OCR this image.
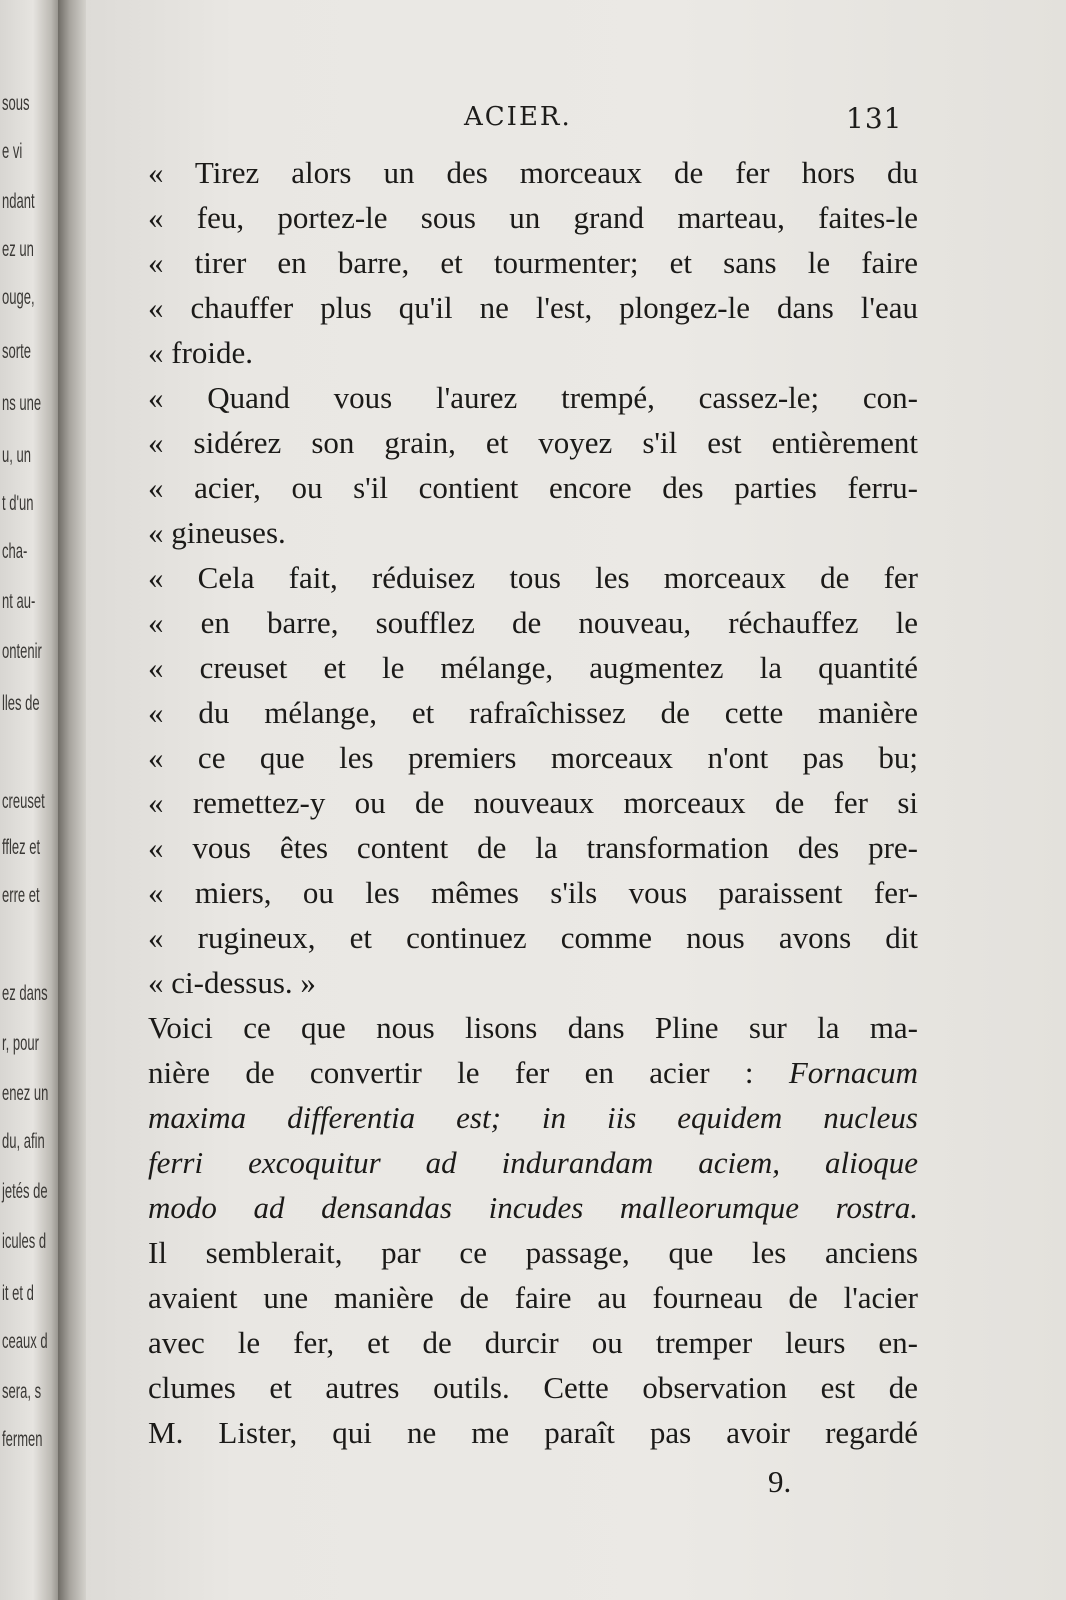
sous
e vi
ndant
ez un
ouge,
sorte
ns une
u, un
t d'un
cha-
nt au-
ontenir
lles de
creuset
fflez et
erre et
ez dans
r, pour
enez un
du, afin
jetés de
icules d
it et d
ceaux d
sera, s
fermen
ACIER.	131
« Tirez alors un des morceaux de fer hors du
« feu, portez-le sous un grand marteau, faites-le
« tirer en barre, et tourmenter; et sans le faire
« chauffer plus qu'il ne l'est, plongez-le dans l'eau
« froide.
« Quand vous l'aurez trempé, cassez-le; con-
« sidérez son grain, et voyez s'il est entièrement
« acier, ou s'il contient encore des parties ferru-
« gineuses.
« Cela fait, réduisez tous les morceaux de fer
« en barre, soufflez de nouveau, réchauffez le
« creuset et le mélange, augmentez la quantité
« du mélange, et rafraîchissez de cette manière
« ce que les premiers morceaux n'ont pas bu;
« remettez-y ou de nouveaux morceaux de fer si
« vous êtes content de la transformation des pre-
« miers, ou les mêmes s'ils vous paraissent fer-
« rugineux, et continuez comme nous avons dit
« ci-dessus. »
Voici ce que nous lisons dans Pline sur la ma-
nière de convertir le fer en acier : Fornacum
maxima differentia est; in iis equidem nucleus
ferri excoquitur ad indurandam aciem, alioque
modo ad densandas incudes malleorumque rostra.
Il semblerait, par ce passage, que les anciens
avaient une manière de faire au fourneau de l'acier
avec le fer, et de durcir ou tremper leurs en-
clumes et autres outils. Cette observation est de
M. Lister, qui ne me paraît pas avoir regardé
9.
